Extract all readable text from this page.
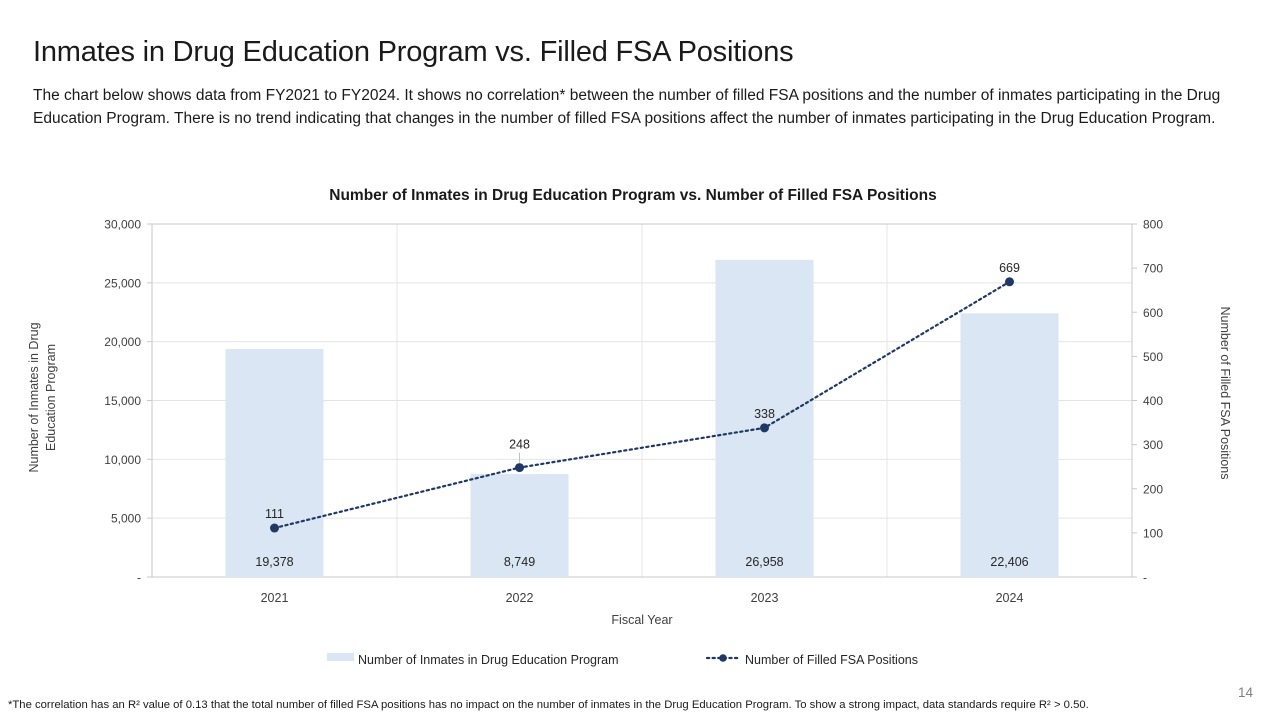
Inmates in Drug Education Program vs. Filled FSA Positions

The chart below shows data from FY2021 to FY2024. It shows no correlation* between the number of filled FSA positions and the number of inmates participating in the Drug Education Program. There is no trend indicating that changes in the number of filled FSA positions affect the number of inmates participating in the Drug Education Program.

19,378	8,749	26,958	22,406
111
248
338
669
30,000
25,000
20,000
15,000
10,000
5,000
-
800
700
600
500
400
300
200
100
-
2021	2022	2023	2024
Fiscal Year
Number of Inmates in Drug Education Program	Number of Filled FSA Positions
Number of Inmates in Drug Education Program vs. Number of Filled FSA Positions
Number of Inmates in Drug Education Program	Number of Filled FSA Positions
*The correlation has an R² value of 0.13 that the total number of filled FSA positions has no impact on the number of inmates in the Drug Education Program. To show a strong impact, data standards require R² > 0.50.
14
